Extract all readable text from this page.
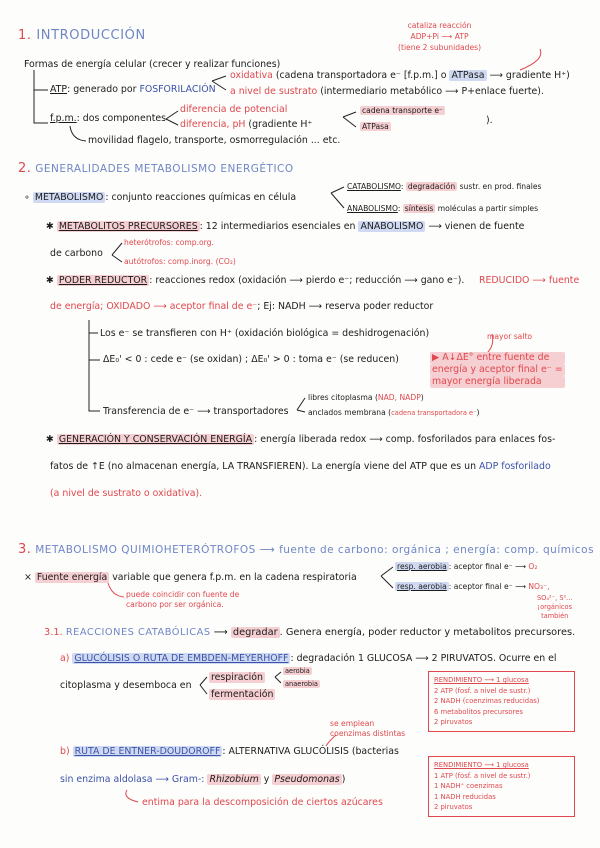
1. INTRODUCCIÓN
cataliza reacción
ADP+Pi ⟶ ATP
(tiene 2 subunidades)
Formas de energía celular (crecer y realizar funciones)
ATP: generado por FOSFORILACIÓN
oxidativa (cadena transportadora e⁻ [f.p.m.] o ATPasa ⟶ gradiente H⁺)
a nivel de sustrato (intermediario metabólico ⟶ P+enlace fuerte).
f.p.m.: dos componentes
diferencia de potencial
diferencia, pH (gradiente H⁺
cadena transporte e⁻
ATPasa
).
movilidad flagelo, transporte, osmorregulación ... etc.
2. GENERALIDADES METABOLISMO ENERGÉTICO
∘ METABOLISMO : conjunto reacciones químicas en célula
CATABOLISMO: degradación sustr. en prod. finales
ANABOLISMO: síntesis moléculas a partir simples
✱ METABOLITOS PRECURSORES : 12 intermediarios esenciales en ANABOLISMO ⟶ vienen de fuente
de carbono
heterótrofos: comp.org.
autótrofos: comp.inorg. (CO₂)
✱ PODER REDUCTOR : reacciones redox (oxidación ⟶ pierdo e⁻; reducción ⟶ gano e⁻). REDUCIDO ⟶ fuente
de energía; OXIDADO ⟶ aceptor final de e⁻; Ej: NADH ⟶ reserva poder reductor
Los e⁻ se transfieren con H⁺ (oxidación biológica = deshidrogenación)	mayor salto
ΔE₀' < 0 : cede e⁻ (se oxidan) ; ΔE₀' > 0 : toma e⁻ (se reducen)	▶ A↓ΔE° entre fuente de
energía y aceptor final e⁻ =
mayor energía liberada
Transferencia de e⁻ ⟶ transportadores
libres citoplasma (NAD, NADP)
anclados membrana (cadena transportadora e⁻)
✱ GENERACIÓN Y CONSERVACIÓN ENERGÍA : energía liberada redox ⟶ comp. fosforilados para enlaces fos-
fatos de ↑E (no almacenan energía, LA TRANSFIEREN). La energía viene del ATP que es un ADP fosforilado
(a nivel de sustrato o oxidativa).
3. METABOLISMO QUIMIOHETERÓTROFOS ⟶ fuente de carbono: orgánica ; energía: comp. químicos
× Fuente energía variable que genera f.p.m. en la cadena respiratoria
resp. aerobia : aceptor final e⁻ ⟶ O₂
resp. aerobia : aceptor final e⁻ ⟶ NO₃⁻,
SO₄²⁻, S⁰...
¡orgánicos
también
puede coincidir con fuente de
carbono por ser orgánica.
3.1. REACCIONES CATABÓLICAS ⟶ degradar . Genera energía, poder reductor y metabolitos precursores.
a) GLUCÓLISIS O RUTA DE EMBDEN-MEYERHOFF : degradación 1 GLUCOSA ⟶ 2 PIRUVATOS. Ocurre en el
citoplasma y desemboca en
respiración
fermentación
aerobia
anaerobia	RENDIMIENTO ⟶ 1 glucosa
2 ATP (fosf. a nivel de sustr.)
2 NADH (coenzimas reducidas)
6 metabolitos precursores
2 piruvatos
se emplean
coenzimas distintas
b) RUTA DE ENTNER-DOUDOROFF : ALTERNATIVA GLUCÓLISIS (bacterias
sin enzima aldolasa ⟶ Gram-: Rhizobium y Pseudomonas )
entima para la descomposición de ciertos azúcares
RENDIMIENTO ⟶ 1 glucosa
1 ATP (fosf. a nivel de sustr.)
1 NADH⁺ coenzimas
1 NADH reducidas
2 piruvatos
